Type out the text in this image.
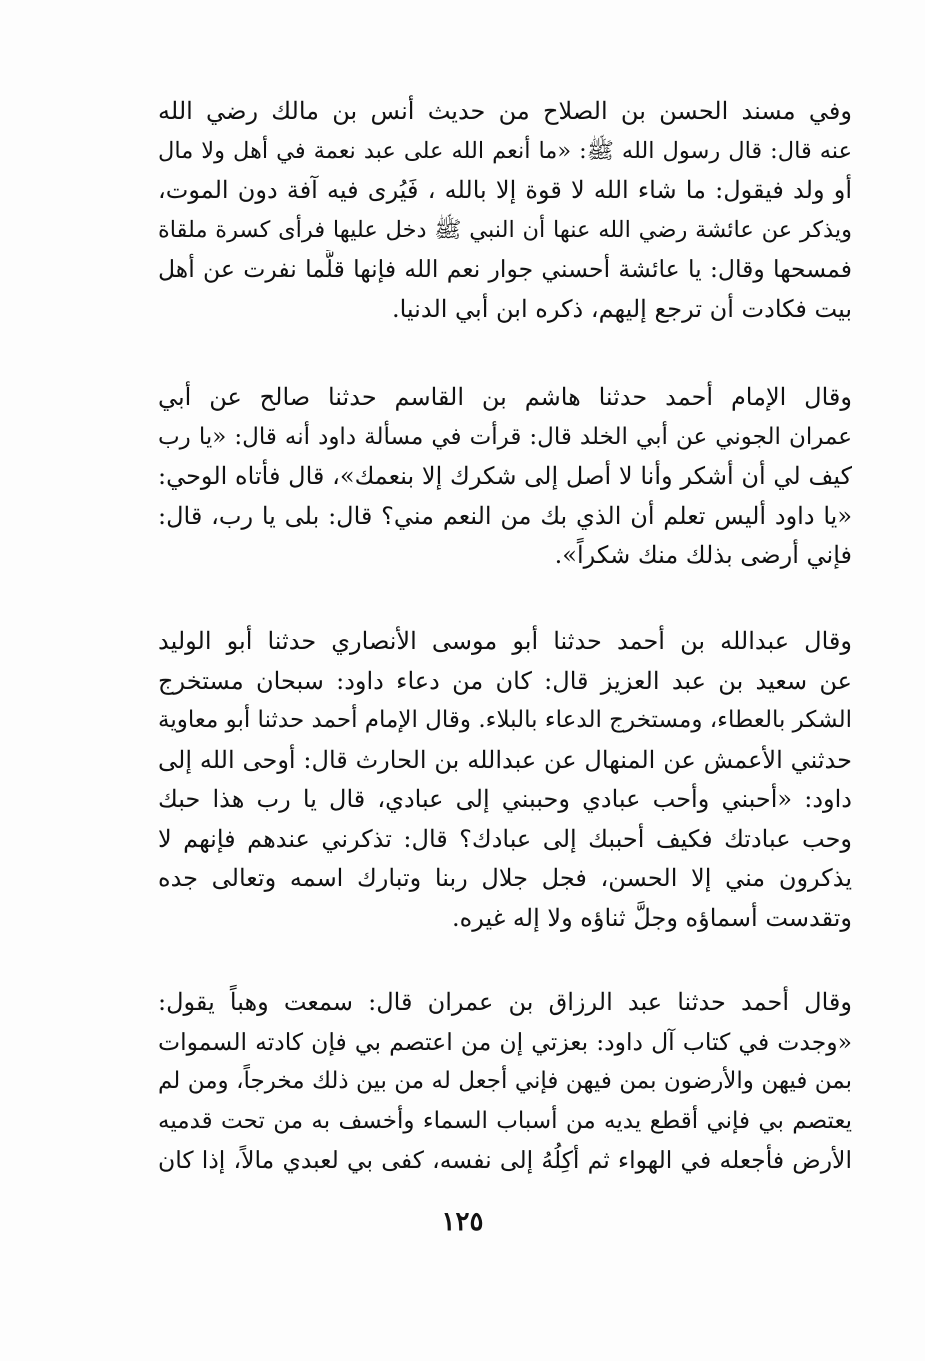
وفي مسند الحسن بن الصلاح من حديث أنس بن مالك رضي الله
عنه قال: قال رسول الله ﷺ: «ما أنعم الله على عبد نعمة في أهل ولا مال
أو ولد فيقول: ما شاء الله لا قوة إلا بالله ، فَيُرى فيه آفة دون الموت،
ويذكر عن عائشة رضي الله عنها أن النبي ﷺ دخل عليها فرأى كسرة ملقاة
فمسحها وقال: يا عائشة أحسني جوار نعم الله فإنها قلَّما نفرت عن أهل
بيت فكادت أن ترجع إليهم، ذكره ابن أبي الدنيا.
وقال الإمام أحمد حدثنا هاشم بن القاسم حدثنا صالح عن أبي
عمران الجوني عن أبي الخلد قال: قرأت في مسألة داود أنه قال: «يا رب
كيف لي أن أشكر وأنا لا أصل إلى شكرك إلا بنعمك»، قال فأتاه الوحي:
«يا داود أليس تعلم أن الذي بك من النعم مني؟ قال: بلى يا رب، قال:
فإني أرضى بذلك منك شكراً».
وقال عبدالله بن أحمد حدثنا أبو موسى الأنصاري حدثنا أبو الوليد
عن سعيد بن عبد العزيز قال: كان من دعاء داود: سبحان مستخرج
الشكر بالعطاء، ومستخرج الدعاء بالبلاء. وقال الإمام أحمد حدثنا أبو معاوية
حدثني الأعمش عن المنهال عن عبدالله بن الحارث قال: أوحى الله إلى
داود: «أحبني وأحب عبادي وحببني إلى عبادي، قال يا رب هذا حبك
وحب عبادتك فكيف أحببك إلى عبادك؟ قال: تذكرني عندهم فإنهم لا
يذكرون مني إلا الحسن، فجل جلال ربنا وتبارك اسمه وتعالى جده
وتقدست أسماؤه وجلَّ ثناؤه ولا إله غيره.
وقال أحمد حدثنا عبد الرزاق بن عمران قال: سمعت وهباً يقول:
«وجدت في كتاب آل داود: بعزتي إن من اعتصم بي فإن كادته السموات
بمن فيهن والأرضون بمن فيهن فإني أجعل له من بين ذلك مخرجاً، ومن لم
يعتصم بي فإني أقطع يديه من أسباب السماء وأخسف به من تحت قدميه
الأرض فأجعله في الهواء ثم أكِلُهُ إلى نفسه، كفى بي لعبدي مالاً، إذا كان
١٢٥
